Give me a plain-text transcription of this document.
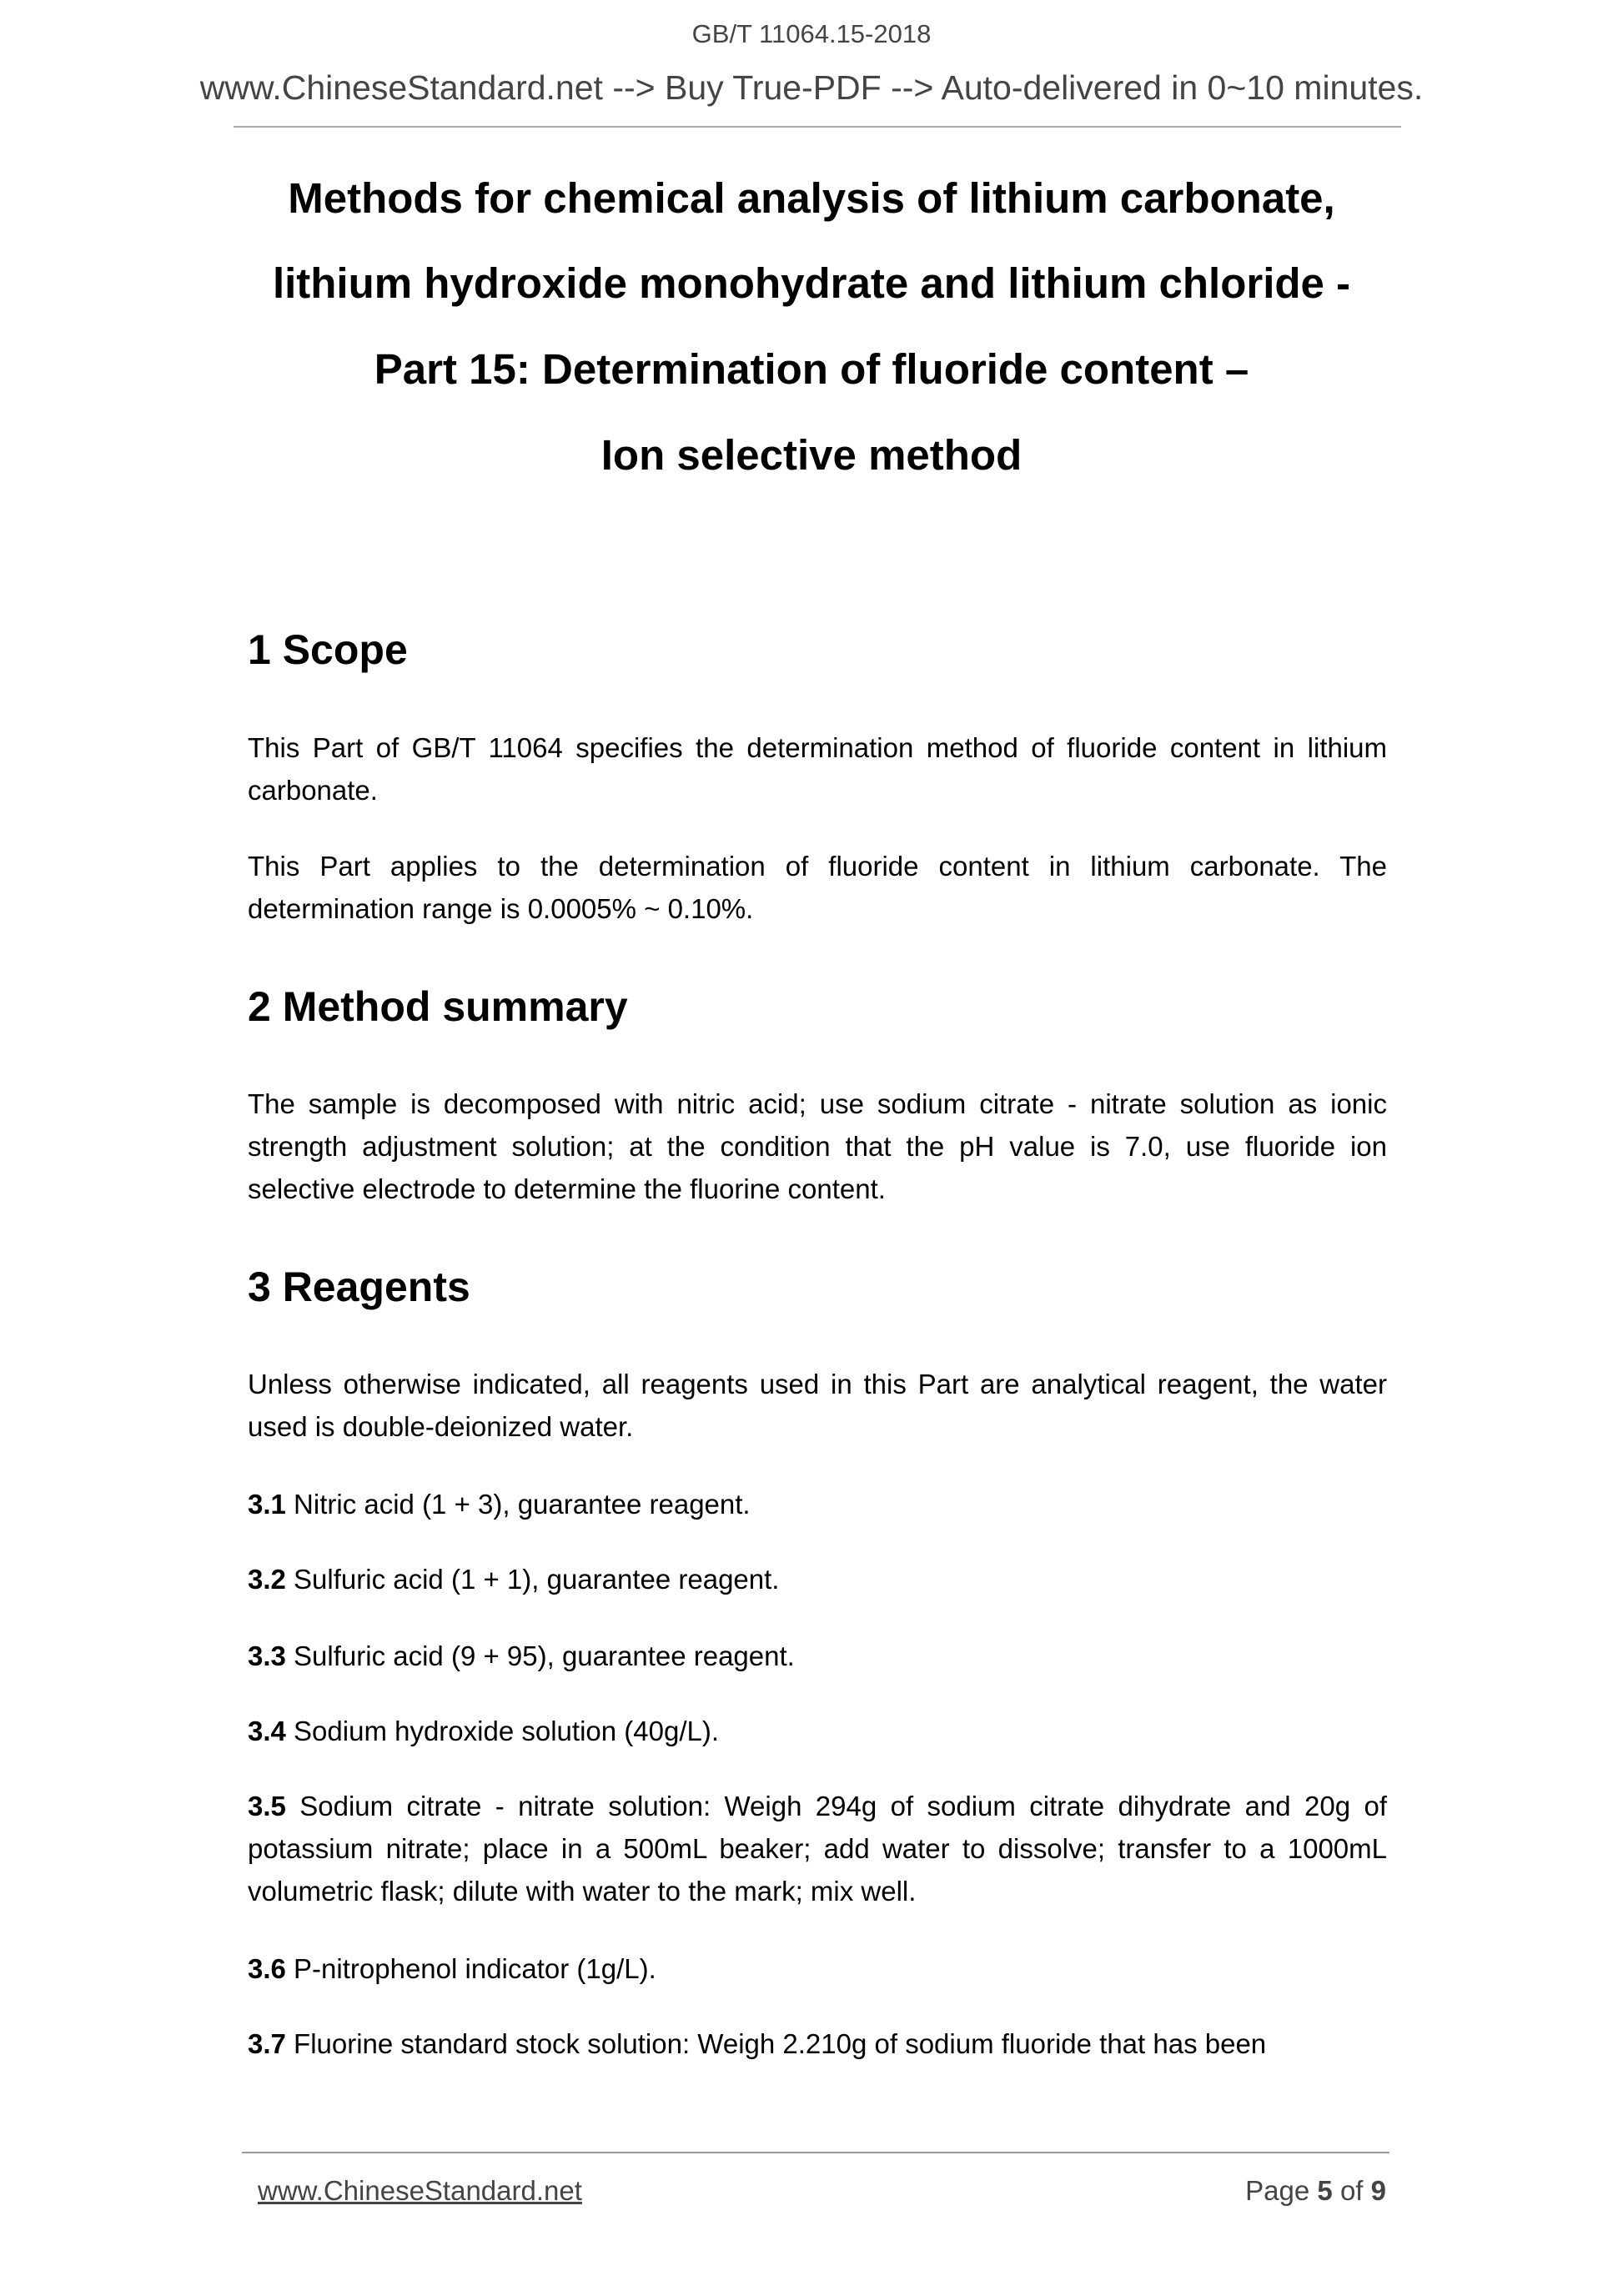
GB/T 11064.15-2018
www.ChineseStandard.net --> Buy True-PDF --> Auto-delivered in 0~10 minutes.
Methods for chemical analysis of lithium carbonate,
lithium hydroxide monohydrate and lithium chloride -
Part 15: Determination of fluoride content –
Ion selective method
1 Scope
This Part of GB/T 11064 specifies the determination method of fluoride content in lithium carbonate.
This Part applies to the determination of fluoride content in lithium carbonate. The determination range is 0.0005% ~ 0.10%.
2 Method summary
The sample is decomposed with nitric acid; use sodium citrate - nitrate solution as ionic strength adjustment solution; at the condition that the pH value is 7.0, use fluoride ion selective electrode to determine the fluorine content.
3 Reagents
Unless otherwise indicated, all reagents used in this Part are analytical reagent, the water used is double-deionized water.
3.1 Nitric acid (1 + 3), guarantee reagent.
3.2 Sulfuric acid (1 + 1), guarantee reagent.
3.3 Sulfuric acid (9 + 95), guarantee reagent.
3.4 Sodium hydroxide solution (40g/L).
3.5 Sodium citrate - nitrate solution: Weigh 294g of sodium citrate dihydrate and 20g of potassium nitrate; place in a 500mL beaker; add water to dissolve; transfer to a 1000mL volumetric flask; dilute with water to the mark; mix well.
3.6 P-nitrophenol indicator (1g/L).
3.7 Fluorine standard stock solution: Weigh 2.210g of sodium fluoride that has been
www.ChineseStandard.net	Page 5 of 9
